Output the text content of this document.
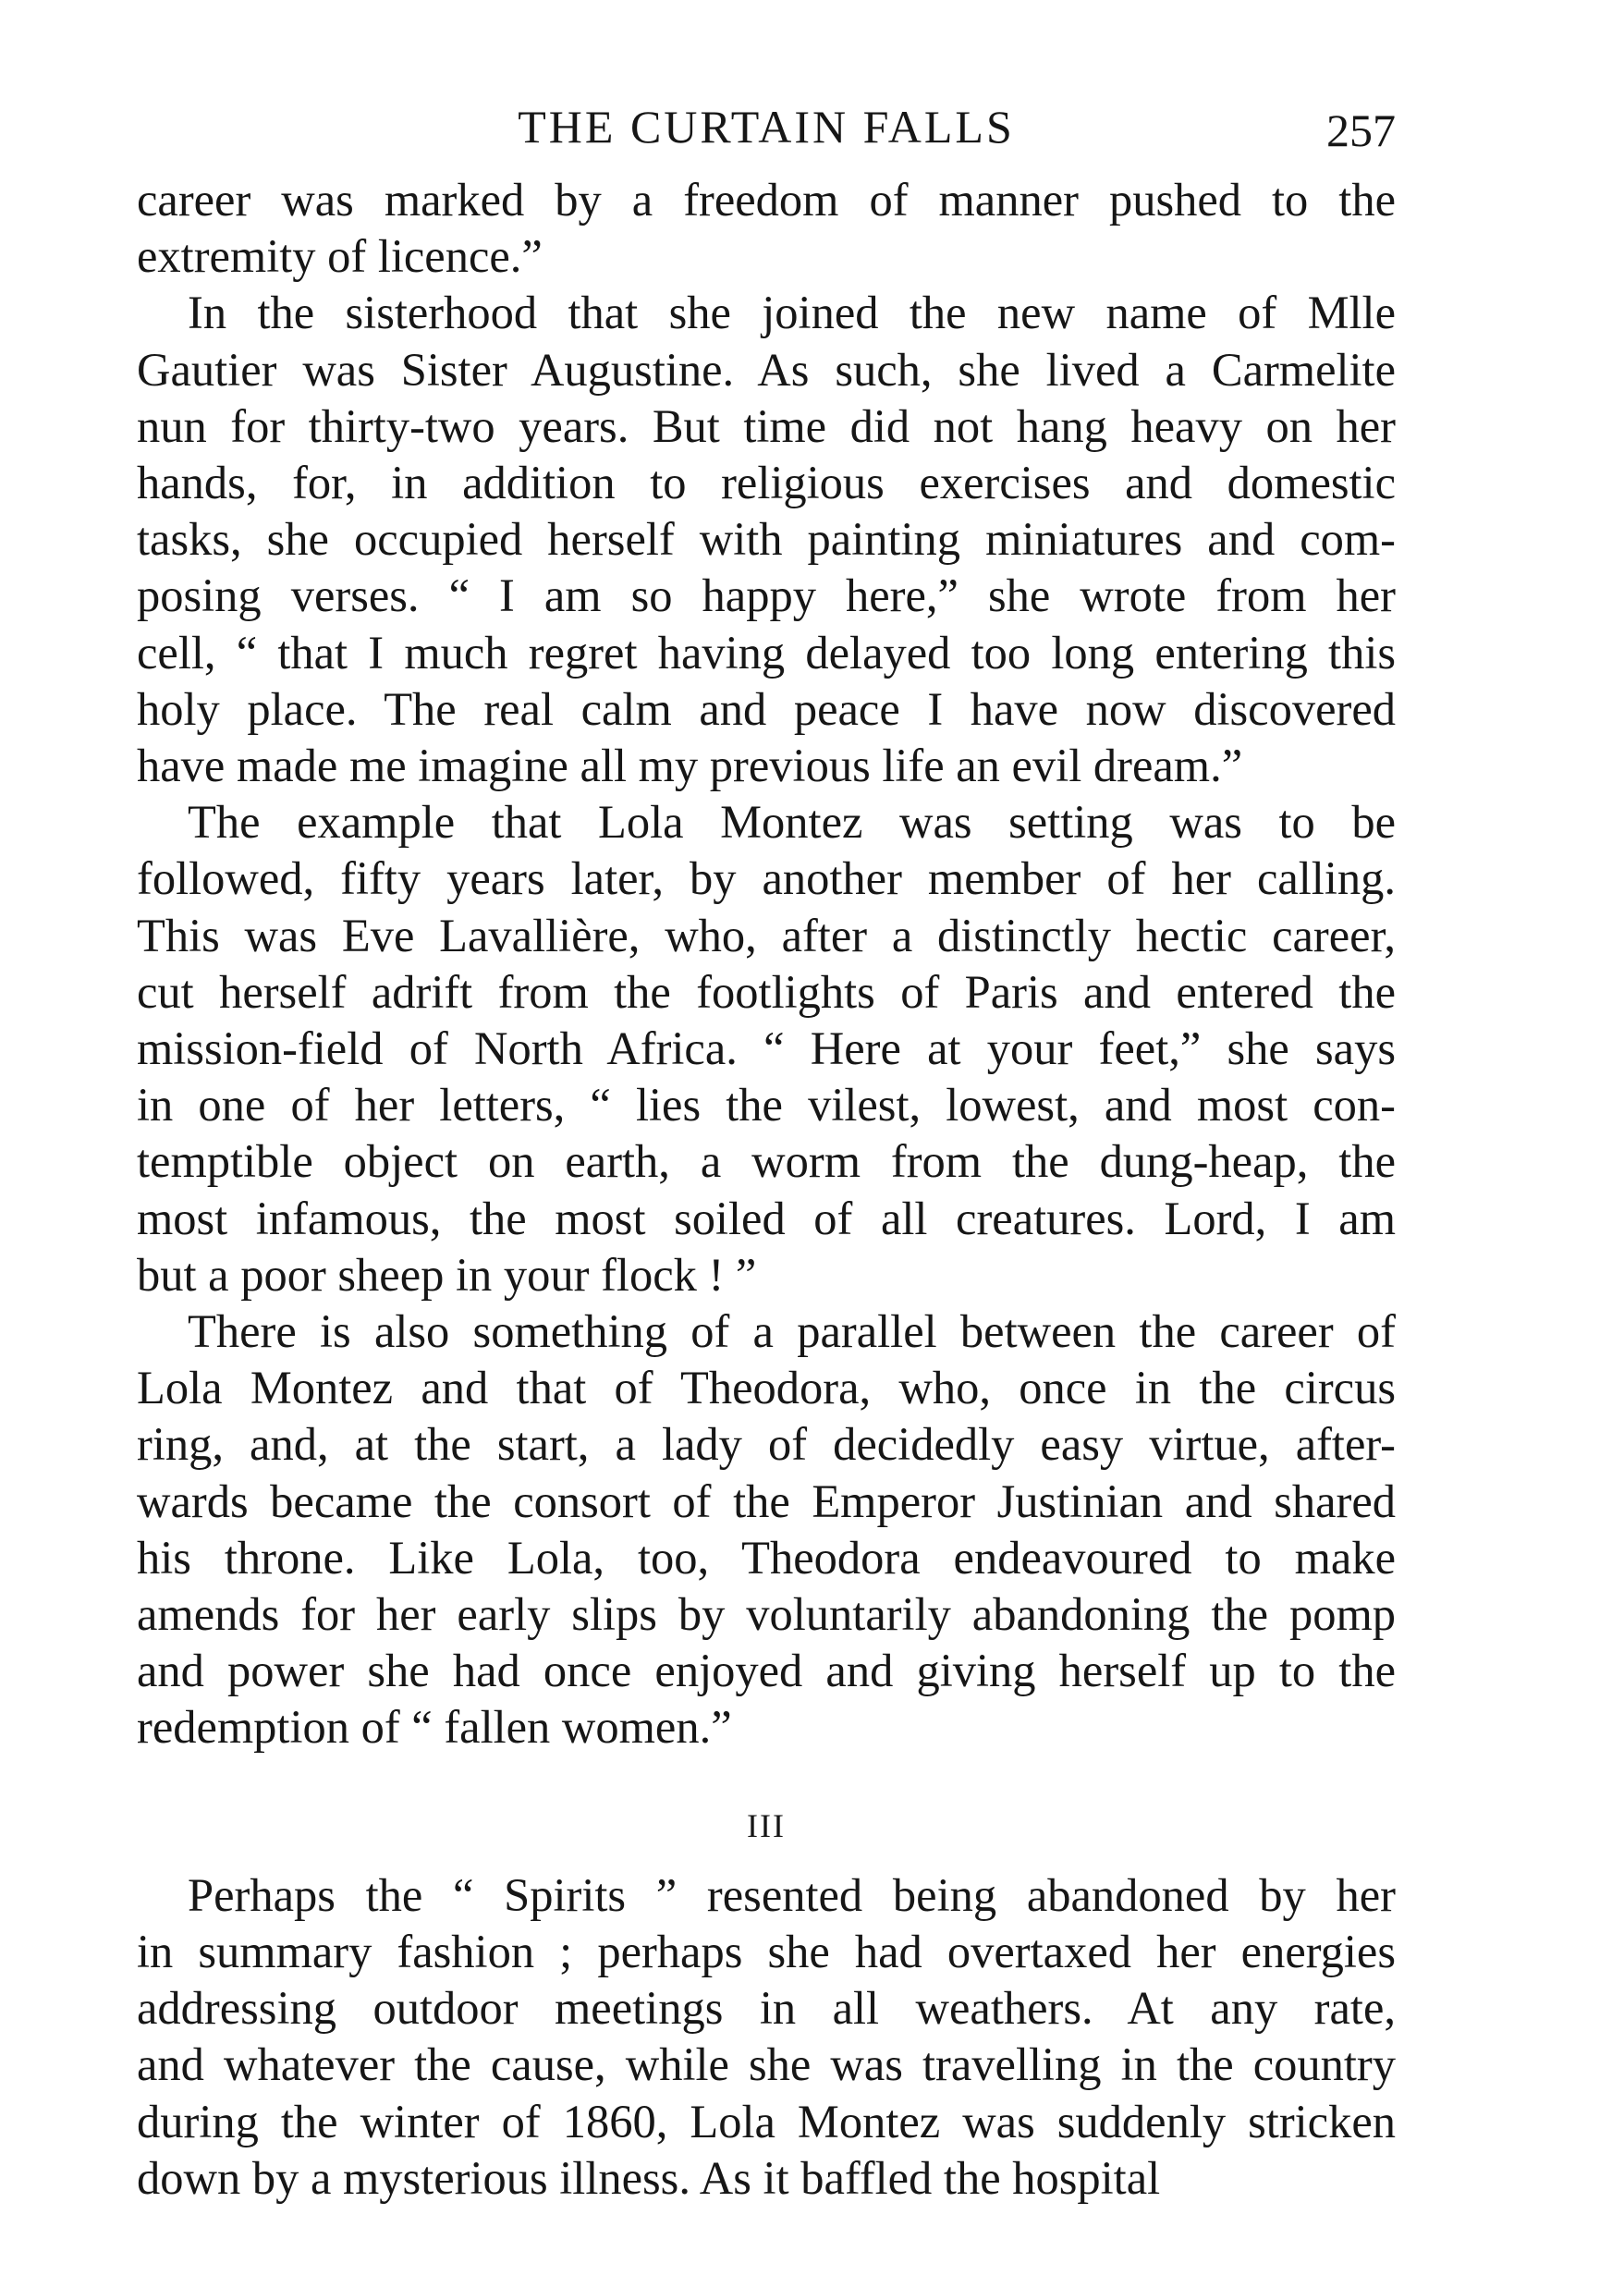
THE CURTAIN FALLS	257

career was marked by a freedom of manner pushed to the
extremity of licence.”

In the sisterhood that she joined the new name of Mlle
Gautier was Sister Augustine. As such, she lived a Carmelite
nun for thirty-two years. But time did not hang heavy on her
hands, for, in addition to religious exercises and domestic
tasks, she occupied herself with painting miniatures and com-
posing verses. “ I am so happy here,” she wrote from her
cell, “ that I much regret having delayed too long entering this
holy place. The real calm and peace I have now discovered
have made me imagine all my previous life an evil dream.”

The example that Lola Montez was setting was to be
followed, fifty years later, by another member of her calling.
This was Eve Lavallière, who, after a distinctly hectic career,
cut herself adrift from the footlights of Paris and entered the
mission-field of North Africa. “ Here at your feet,” she says
in one of her letters, “ lies the vilest, lowest, and most con-
temptible object on earth, a worm from the dung-heap, the
most infamous, the most soiled of all creatures. Lord, I am
but a poor sheep in your flock ! ”

There is also something of a parallel between the career of
Lola Montez and that of Theodora, who, once in the circus
ring, and, at the start, a lady of decidedly easy virtue, after-
wards became the consort of the Emperor Justinian and shared
his throne. Like Lola, too, Theodora endeavoured to make
amends for her early slips by voluntarily abandoning the pomp
and power she had once enjoyed and giving herself up to the
redemption of “ fallen women.”

III

Perhaps the “ Spirits ” resented being abandoned by her
in summary fashion ; perhaps she had overtaxed her energies
addressing outdoor meetings in all weathers. At any rate,
and whatever the cause, while she was travelling in the country
during the winter of 1860, Lola Montez was suddenly stricken
down by a mysterious illness. As it baffled the hospital
